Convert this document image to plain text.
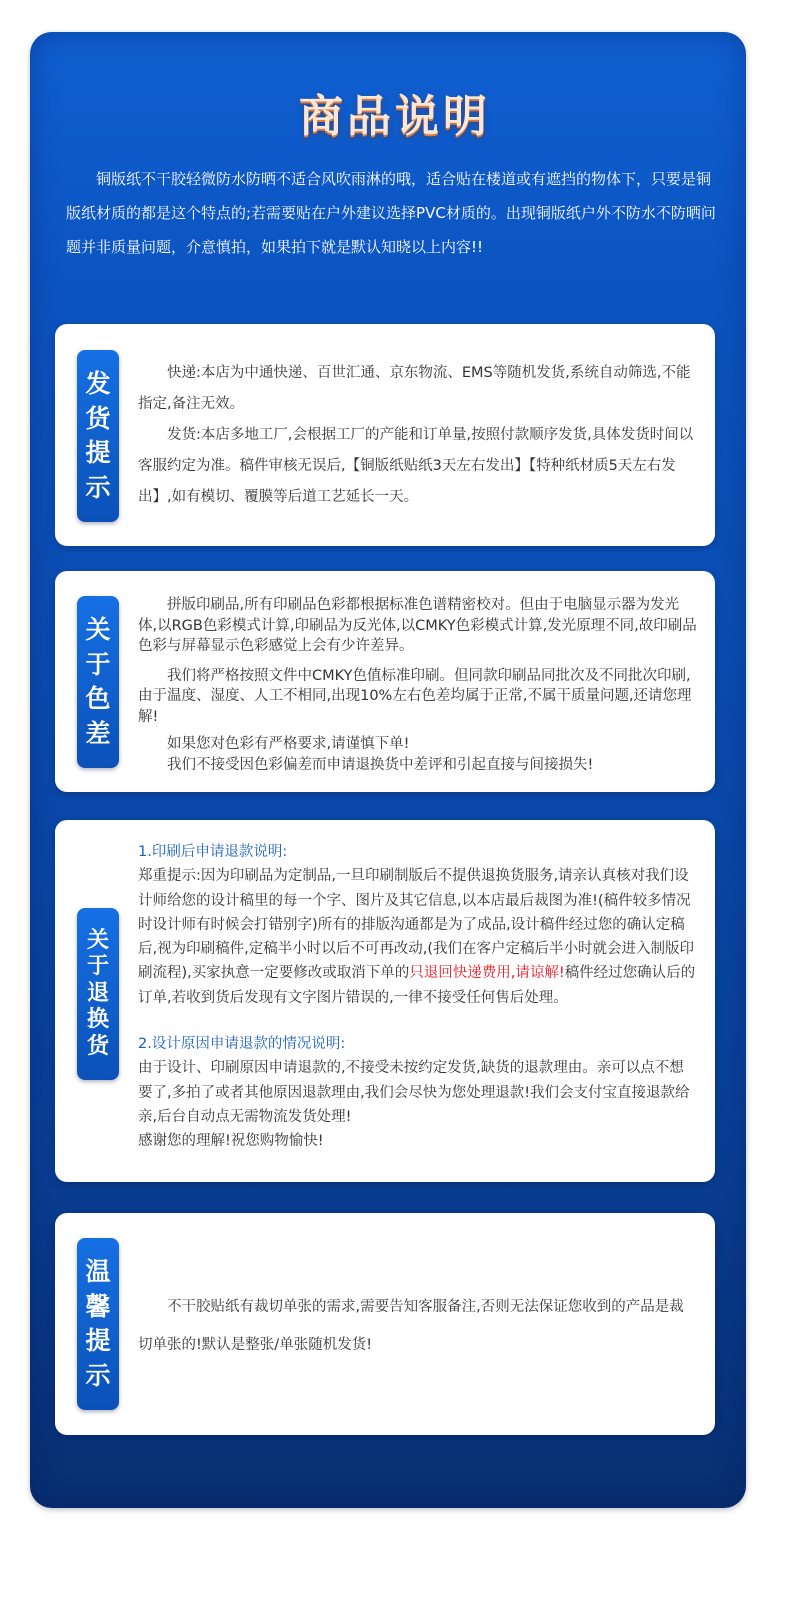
商品说明

铜版纸不干胶轻微防水防晒不适合风吹雨淋的哦，适合贴在楼道或有遮挡的物体下，只要是铜版纸材质的都是这个特点的;若需要贴在户外建议选择PVC材质的。出现铜版纸户外不防水不防晒问题并非质量问题，介意慎拍，如果拍下就是默认知晓以上内容!!

发货提示

快递:本店为中通快递、百世汇通、京东物流、EMS等随机发货,系统自动筛选,不能指定,备注无效。

发货:本店多地工厂,会根据工厂的产能和订单量,按照付款顺序发货,具体发货时间以客服约定为准。稿件审核无误后,【铜版纸贴纸3天左右发出】【特种纸材质5天左右发出】,如有模切、覆膜等后道工艺延长一天。

关于色差

拼版印刷品,所有印刷品色彩都根据标准色谱精密校对。但由于电脑显示器为发光体,以RGB色彩模式计算,印刷品为反光体,以CMKY色彩模式计算,发光原理不同,故印刷品色彩与屏幕显示色彩感觉上会有少许差异。

我们将严格按照文件中CMKY色值标准印刷。但同款印刷品同批次及不同批次印刷,由于温度、湿度、人工不相同,出现10%左右色差均属于正常,不属干质量问题,还请您理解!

如果您对色彩有严格要求,请谨慎下单!

我们不接受因色彩偏差而申请退换货中差评和引起直接与间接损失!

关于退换货

1.印刷后申请退款说明:

郑重提示:因为印刷品为定制品,一旦印刷制版后不提供退换货服务,请亲认真核对我们设计师给您的设计稿里的每一个字、图片及其它信息,以本店最后裁图为准!(稿件较多情况时设计师有时候会打错别字)所有的排版沟通都是为了成品,设计稿件经过您的确认定稿后,视为印刷稿件,定稿半小时以后不可再改动,(我们在客户定稿后半小时就会进入制版印刷流程),买家执意一定要修改或取消下单的只退回快递费用,请谅解!稿件经过您确认后的订单,若收到货后发现有文字图片错误的,一律不接受任何售后处理。

2.设计原因申请退款的情况说明:

由于设计、印刷原因申请退款的,不接受未按约定发货,缺货的退款理由。亲可以点不想要了,多拍了或者其他原因退款理由,我们会尽快为您处理退款!我们会支付宝直接退款给亲,后台自动点无需物流发货处理!

感谢您的理解!祝您购物愉快!

温馨提示

不干胶贴纸有裁切单张的需求,需要告知客服备注,否则无法保证您收到的产品是裁切单张的!默认是整张/单张随机发货!
